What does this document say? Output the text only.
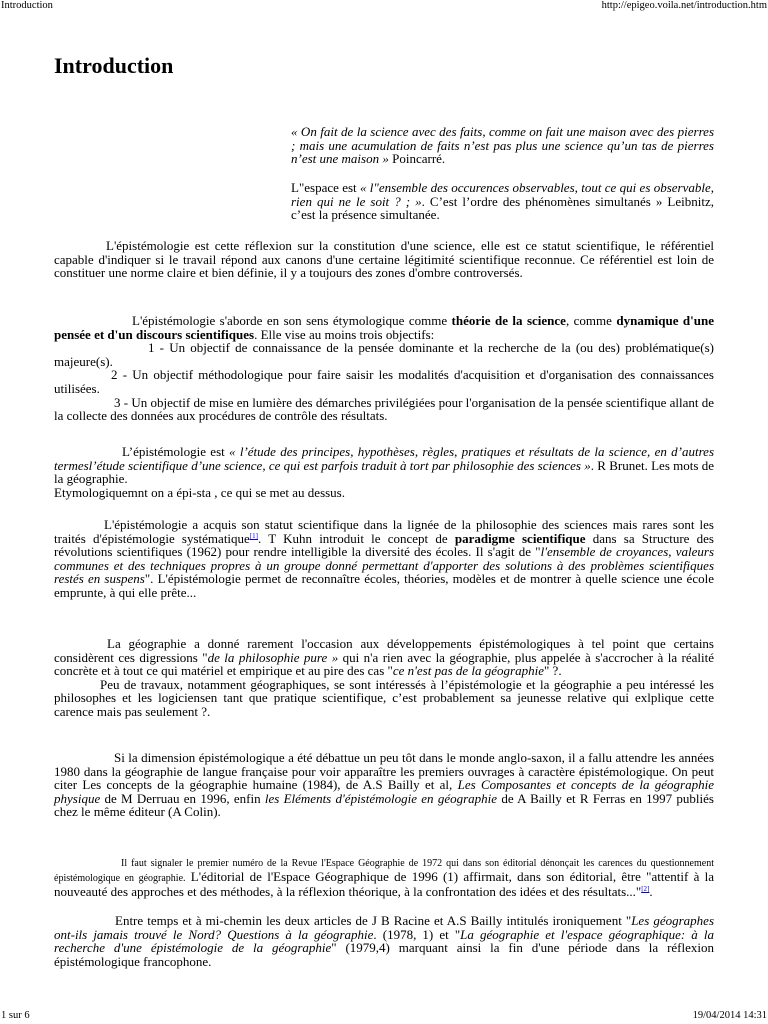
Introduction	http://epigeo.voila.net/introduction.htm
Introduction
« On fait de la science avec des faits, comme on fait une maison avec des pierres ; mais une acumulation de faits n’est pas plus une science qu’un tas de pierres n’est une maison » Poincarré.
L"espace est « l"ensemble des occurences observables, tout ce qui es observable, rien qui ne le soit ? ; ». C’est l’ordre des phénomènes simultanés » Leibnitz, c’est la présence simultanée.
L'épistémologie est cette réflexion sur la constitution d'une science, elle est ce statut scientifique, le référentiel capable d'indiquer si le travail répond aux canons d'une certaine légitimité scientifique reconnue. Ce référentiel est loin de constituer une norme claire et bien définie, il y a toujours des zones d'ombre controversés.

L'épistémologie s'aborde en son sens étymologique comme théorie de la science, comme dynamique d'une pensée et d'un discours scientifiques. Elle vise au moins trois objectifs:

1 - Un objectif de connaissance de la pensée dominante et la recherche de la (ou des) problématique(s) majeure(s).

2 - Un objectif méthodologique pour faire saisir les modalités d'acquisition et d'organisation des connaissances utilisées.

3 - Un objectif de mise en lumière des démarches privilégiées pour l'organisation de la pensée scientifique allant de la collecte des données aux procédures de contrôle des résultats.

L’épistémologie est « l’étude des principes, hypothèses, règles, pratiques et résultats de la science, en d’autres termesl’étude scientifique d’une science, ce qui est parfois traduit à tort par philosophie des sciences ». R Brunet. Les mots de la géographie.

Etymologiquemnt on a épi-sta , ce qui se met au dessus.

L'épistémologie a acquis son statut scientifique dans la lignée de la philosophie des sciences mais rares sont les traités d'épistémologie systématique[1]. T Kuhn introduit le concept de paradigme scientifique dans sa Structure des révolutions scientifiques (1962) pour rendre intelligible la diversité des écoles. Il s'agit de "l'ensemble de croyances, valeurs communes et des techniques propres à un groupe donné permettant d'apporter des solutions à des problèmes scientifiques restés en suspens". L'épistémologie permet de reconnaître écoles, théories, modèles et de montrer à quelle science une école emprunte, à qui elle prête...

La géographie a donné rarement l'occasion aux développements épistémologiques à tel point que certains considèrent ces digressions "de la philosophie pure » qui n'a rien avec la géographie, plus appelée à s'accrocher à la réalité concrète et à tout ce qui matériel et empirique et au pire des cas "ce n'est pas de la géographie" ?.

Peu de travaux, notamment géographiques, se sont intéressés à l’épistémologie et la géographie a peu intéressé les philosophes et les logiciensen tant que pratique scientifique, c’est probablement sa jeunesse relative qui exlplique cette carence mais pas seulement ?.

Si la dimension épistémologique a été débattue un peu tôt dans le monde anglo-saxon, il a fallu attendre les années 1980 dans la géographie de langue française pour voir apparaître les premiers ouvrages à caractère épistémologique. On peut citer Les concepts de la géographie humaine (1984), de A.S Bailly et al, Les Composantes et concepts de la géographie physique de M Derruau en 1996, enfin les Eléments d'épistémologie en géographie de A Bailly et R Ferras en 1997 publiés chez le même éditeur (A Colin).
Il faut signaler le premier numéro de la Revue l'Espace Géographie de 1972 qui dans son éditorial dénonçait les carences du questionnement épistémologique en géographie. L'éditorial de l'Espace Géographique de 1996 (1) affirmait, dans son éditorial, être "attentif à la nouveauté des approches et des méthodes, à la réflexion théorique, à la confrontation des idées et des résultats..."[2].
Entre temps et à mi-chemin les deux articles de J B Racine et A.S Bailly intitulés ironiquement "Les géographes ont-ils jamais trouvé le Nord? Questions à la géographie. (1978, 1) et "La géographie et l'espace géographique: à la recherche d'une épistémologie de la géographie" (1979,4) marquant ainsi la fin d'une période dans la réflexion épistémologique francophone.
1 sur 6	19/04/2014 14:31
